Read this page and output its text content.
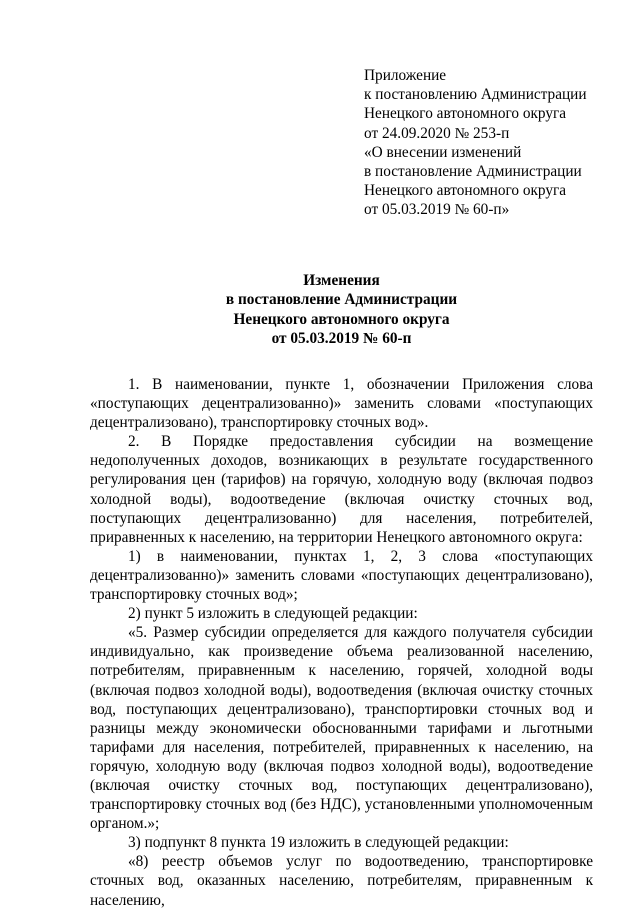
Приложение
к постановлению Администрации
Ненецкого автономного округа
от 24.09.2020 № 253-п
«О внесении изменений
в постановление Администрации
Ненецкого автономного округа
от 05.03.2019 № 60-п»
Изменения
в постановление Администрации
Ненецкого автономного округа
от 05.03.2019 № 60-п

1. В наименовании, пункте 1, обозначении Приложения слова «поступающих децентрализованно)» заменить словами «поступающих децентрализовано), транспортировку сточных вод».

2. В Порядке предоставления субсидии на возмещение недополученных доходов, возникающих в результате государственного регулирования цен (тарифов) на горячую, холодную воду (включая подвоз холодной воды), водоотведение (включая очистку сточных вод, поступающих децентрализованно) для населения, потребителей, приравненных к населению, на территории Ненецкого автономного округа:

1) в наименовании, пунктах 1, 2, 3 слова «поступающих децентрализованно)» заменить словами «поступающих децентрализовано), транспортировку сточных вод»;

2) пункт 5 изложить в следующей редакции:

«5. Размер субсидии определяется для каждого получателя субсидии индивидуально, как произведение объема реализованной населению, потребителям, приравненным к населению, горячей, холодной воды (включая подвоз холодной воды), водоотведения (включая очистку сточных вод, поступающих децентрализовано), транспортировки сточных вод и разницы между экономически обоснованными тарифами и льготными тарифами для населения, потребителей, приравненных к населению, на горячую, холодную воду (включая подвоз холодной воды), водоотведение (включая очистку сточных вод, поступающих децентрализовано), транспортировку сточных вод (без НДС), установленными уполномоченным органом.»;

3) подпункт 8 пункта 19 изложить в следующей редакции:

«8) реестр объемов услуг по водоотведению, транспортировке сточных вод, оказанных населению, потребителям, приравненным к населению,
